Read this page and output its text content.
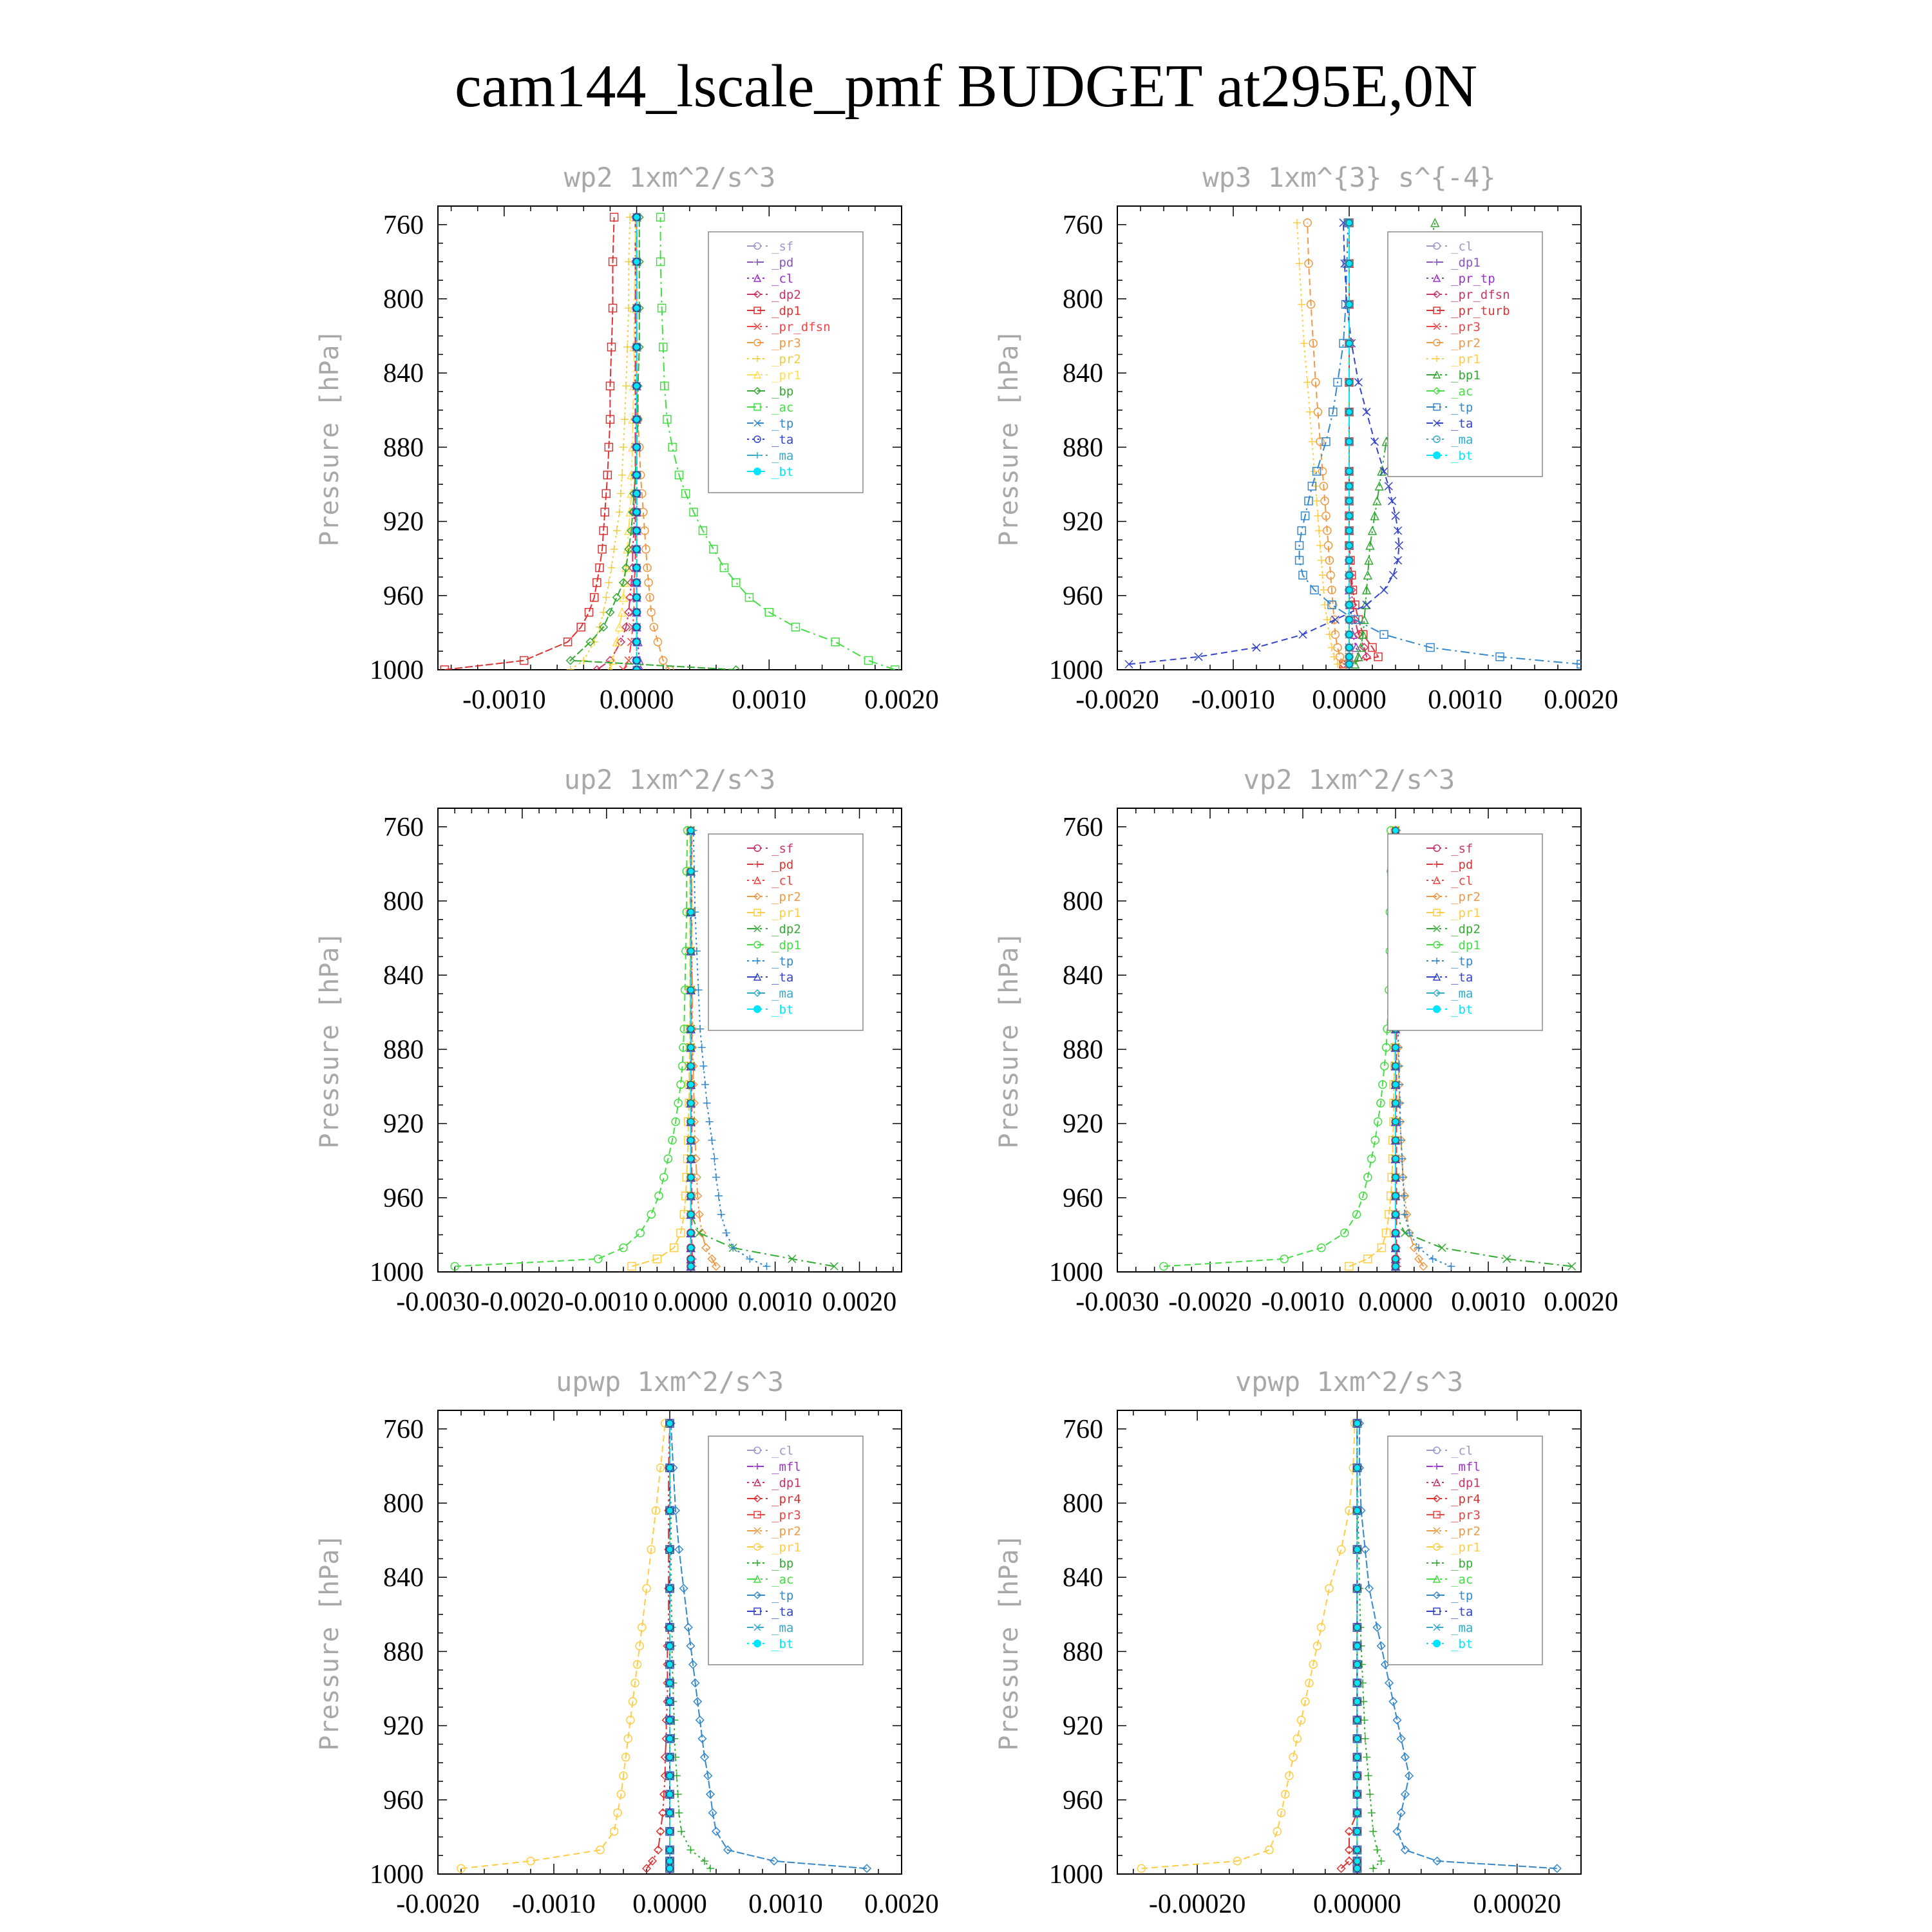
cam144_lscale_pmf BUDGET at295E,0N
wp2 1xm^2/s^3
Pressure [hPa]
760
800
840
880
920
960
1000
-0.0010 0.0000 0.0010 0.0020
_sf
_pd
_cl
_dp2
_dp1
_pr_dfsn
_pr3
_pr2
_pr1
_bp
_ac
_tp
_ta
_ma
_bt
wp3 1xm^{3} s^{-4}
Pressure [hPa]
760
800
840
880
920
960
1000
-0.0020 -0.0010 0.0000 0.0010 0.0020
_cl
_dp1
_pr_tp
_pr_dfsn
_pr_turb
_pr3
_pr2
_pr1
_bp1
_ac
_tp
_ta
_ma
_bt
up2 1xm^2/s^3
Pressure [hPa]
760
800
840
880
920
960
1000
-0.0030 -0.0020 -0.0010 0.0000 0.0010 0.0020
_sf
_pd
_cl
_pr2
_pr1
_dp2
_dp1
_tp
_ta
_ma
_bt
vp2 1xm^2/s^3
Pressure [hPa]
760
800
840
880
920
960
1000
-0.0030 -0.0020 -0.0010 0.0000 0.0010 0.0020
_sf
_pd
_cl
_pr2
_pr1
_dp2
_dp1
_tp
_ta
_ma
_bt
upwp 1xm^2/s^3
Pressure [hPa]
760
800
840
880
920
960
1000
-0.0020 -0.0010 0.0000 0.0010 0.0020
_cl
_mfl
_dp1
_pr4
_pr3
_pr2
_pr1
_bp
_ac
_tp
_ta
_ma
_bt
vpwp 1xm^2/s^3
Pressure [hPa]
760
800
840
880
920
960
1000
-0.00020 0.00000	0.00020
_cl
_mfl
_dp1
_pr4
_pr3
_pr2
_pr1
_bp
_ac
_tp
_ta
_ma
_bt
